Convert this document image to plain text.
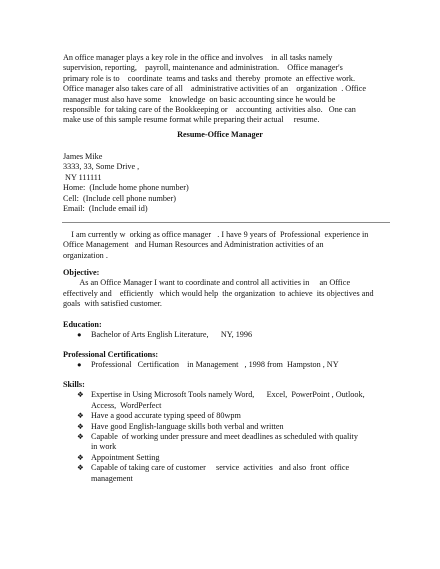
An office manager plays a key role in the office and involves    in all tasks namely

supervision, reporting,    payroll, maintenance and administration.    Office manager's

primary role is to    coordinate  teams and tasks and  thereby  promote  an effective work.

Office manager also takes care of all    administrative activities of an    organization  . Office

manager must also have some    knowledge  on basic accounting since he would be

responsible  for taking care of the Bookkeeping or    accounting  activities also.   One can

make use of this sample resume format while preparing their actual     resume.

Resume-Office Manager
James Mike
3333, 33, Some Drive ,
NY 111111
Home:  (Include home phone number)
Cell:  (Include cell phone number)
Email:  (Include email id)
I am currently w  orking as office manager   . I have 9 years of  Professional  experience in
Office Management   and Human Resources and Administration activities of an
organization .
Objective:
As an Office Manager I want to coordinate and control all activities in     an Office
effectively and    efficiently   which would help  the organization  to achieve  its objectives and
goals  with satisfied customer.
Education:
● Bachelor of Arts English Literature,      NY, 1996
Professional Certifications:
● Professional   Certification    in Management   , 1998 from  Hampston , NY
Skills:
❖ Expertise in Using Microsoft Tools namely Word,      Excel,  PowerPoint , Outlook,
Access,  WordPerfect
❖ Have a good accurate typing speed of 80wpm
❖ Have good English-language skills both verbal and written
❖ Capable  of working under pressure and meet deadlines as scheduled with quality
in work
❖ Appointment Setting
❖ Capable of taking care of customer     service  activities   and also  front  office
management
